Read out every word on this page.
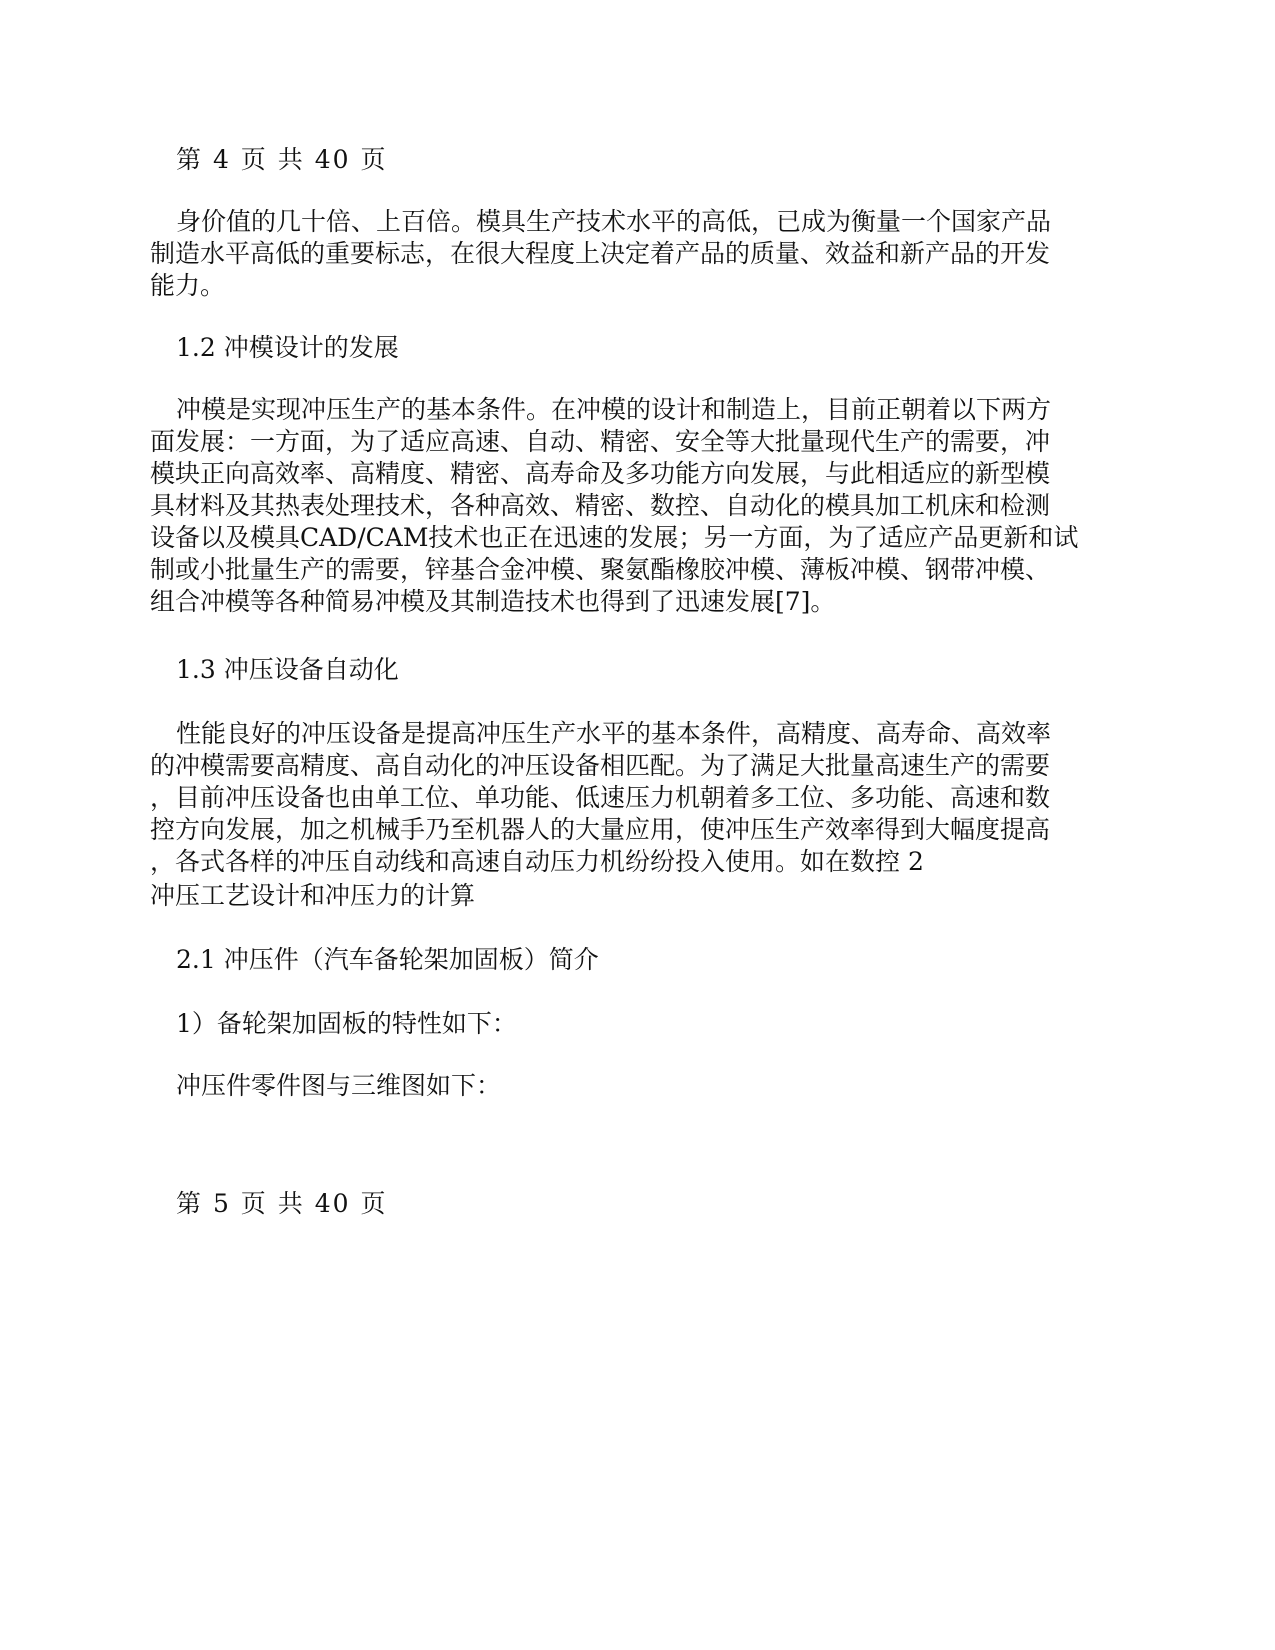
第 4 页 共 40 页

身价值的几十倍、上百倍。模具生产技术水平的高低，已成为衡量一个国家产品

制造水平高低的重要标志，在很大程度上决定着产品的质量、效益和新产品的开发

能力。

1.2 冲模设计的发展

冲模是实现冲压生产的基本条件。在冲模的设计和制造上，目前正朝着以下两方

面发展：一方面，为了适应高速、自动、精密、安全等大批量现代生产的需要，冲

模块正向高效率、高精度、精密、高寿命及多功能方向发展，与此相适应的新型模

具材料及其热表处理技术，各种高效、精密、数控、自动化的模具加工机床和检测

设备以及模具CAD/CAM技术也正在迅速的发展；另一方面，为了适应产品更新和试

制或小批量生产的需要，锌基合金冲模、聚氨酯橡胶冲模、薄板冲模、钢带冲模、

组合冲模等各种简易冲模及其制造技术也得到了迅速发展[7]。

1.3 冲压设备自动化

性能良好的冲压设备是提高冲压生产水平的基本条件，高精度、高寿命、高效率

的冲模需要高精度、高自动化的冲压设备相匹配。为了满足大批量高速生产的需要

，目前冲压设备也由单工位、单功能、低速压力机朝着多工位、多功能、高速和数

控方向发展，加之机械手乃至机器人的大量应用，使冲压生产效率得到大幅度提高

，各式各样的冲压自动线和高速自动压力机纷纷投入使用。如在数控 2

冲压工艺设计和冲压力的计算

2.1 冲压件（汽车备轮架加固板）简介

1）备轮架加固板的特性如下：

冲压件零件图与三维图如下：

第 5 页 共 40 页
